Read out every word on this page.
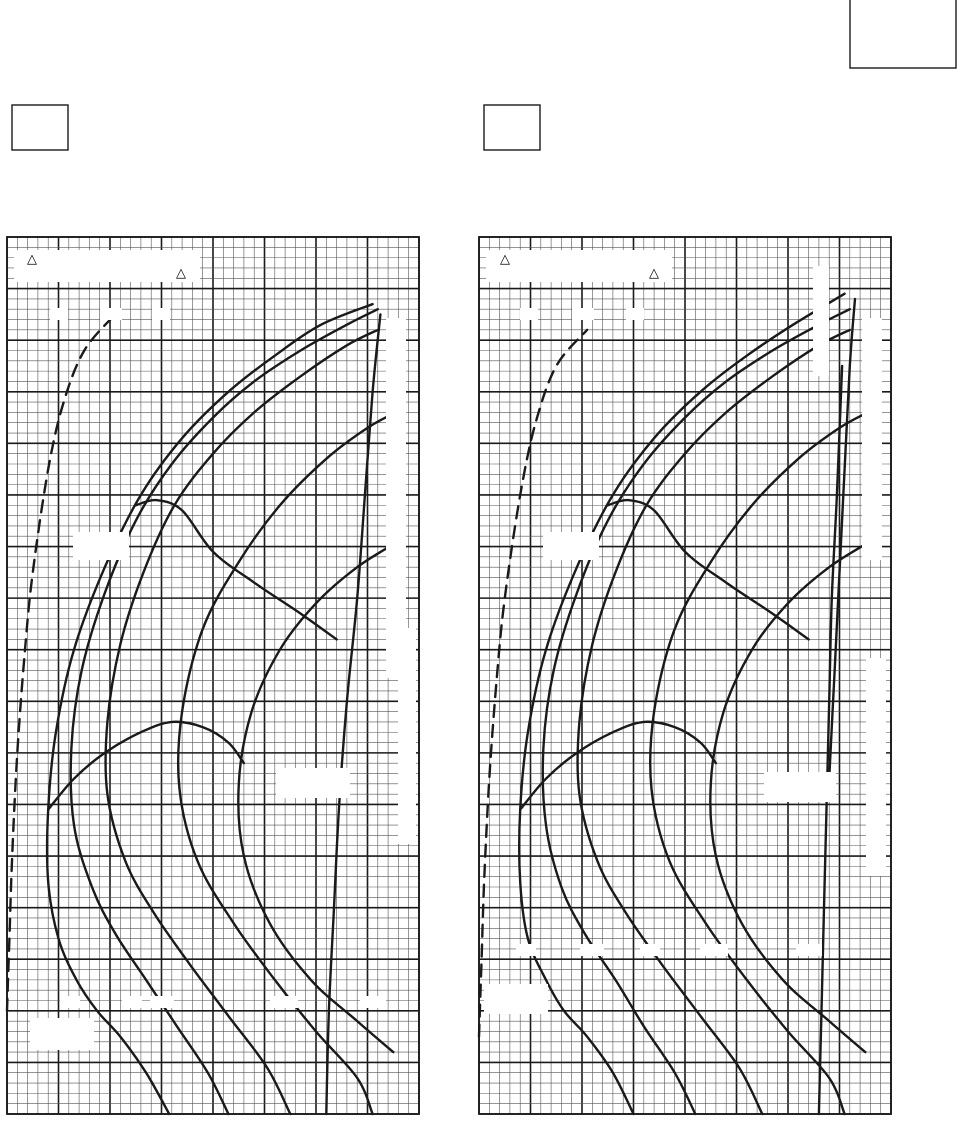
△
△
△
△
